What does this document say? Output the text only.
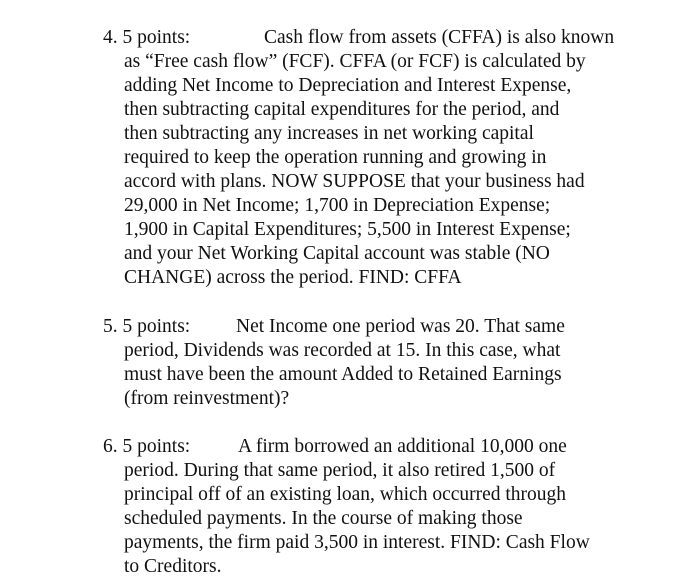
4. 5 points:	Cash flow from assets (CFFA) is also known
as “Free cash flow” (FCF). CFFA (or FCF) is calculated by
adding Net Income to Depreciation and Interest Expense,
then subtracting capital expenditures for the period, and
then subtracting any increases in net working capital
required to keep the operation running and growing in
accord with plans. NOW SUPPOSE that your business had
29,000 in Net Income; 1,700 in Depreciation Expense;
1,900 in Capital Expenditures; 5,500 in Interest Expense;
and your Net Working Capital account was stable (NO
CHANGE) across the period. FIND: CFFA
5. 5 points: Net Income one period was 20. That same
period, Dividends was recorded at 15. In this case, what
must have been the amount Added to Retained Earnings
(from reinvestment)?
6. 5 points: A firm borrowed an additional 10,000 one
period. During that same period, it also retired 1,500 of
principal off of an existing loan, which occurred through
scheduled payments. In the course of making those
payments, the firm paid 3,500 in interest. FIND: Cash Flow
to Creditors.
